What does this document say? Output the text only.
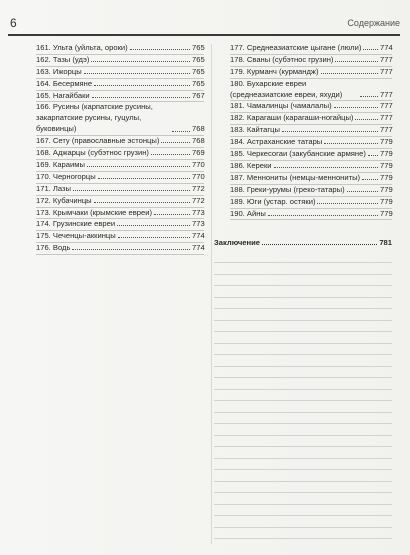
6	Содержание
161. Ульта (уйльта, ороки)	765
162. Тазы (удэ)	765
163. Ижорцы	765
164. Бесермяне	765
165. Нагайбаки	767
166. Русины (карпатские русины, закарпатские русины, гуцулы, буковинцы)	768
167. Сету (православные эстонцы)	768
168. Аджарцы (субэтнос грузин)	769
169. Караимы	770
170. Черногорцы	770
171. Лазы	772
172. Кубачинцы	772
173. Крымчаки (крымские евреи)	773
174. Грузинские евреи	773
175. Чеченцы-аккинцы	774
176. Водь	774
177. Среднеазиатские цыгане (люли) 774
178. Сваны (субэтнос грузин)	777
179. Курманч (курмандж)	777
180. Бухарские евреи (среднеазиатские евреи, яхуди)	777
181. Чамалинцы (чамалалы)	777
182. Карагаши (карагаши-ногайцы)	777
183. Кайтагцы	777
184. Астраханские татары	779
185. Черкесогаи (закубанские армяне) 779
186. Кереки	779
187. Меннониты (немцы-меннониты)	779
188. Греки-урумы (греко-татары)	779
189. Юги (устар. остяки)	779
190. Айны	779
Заключение	781
